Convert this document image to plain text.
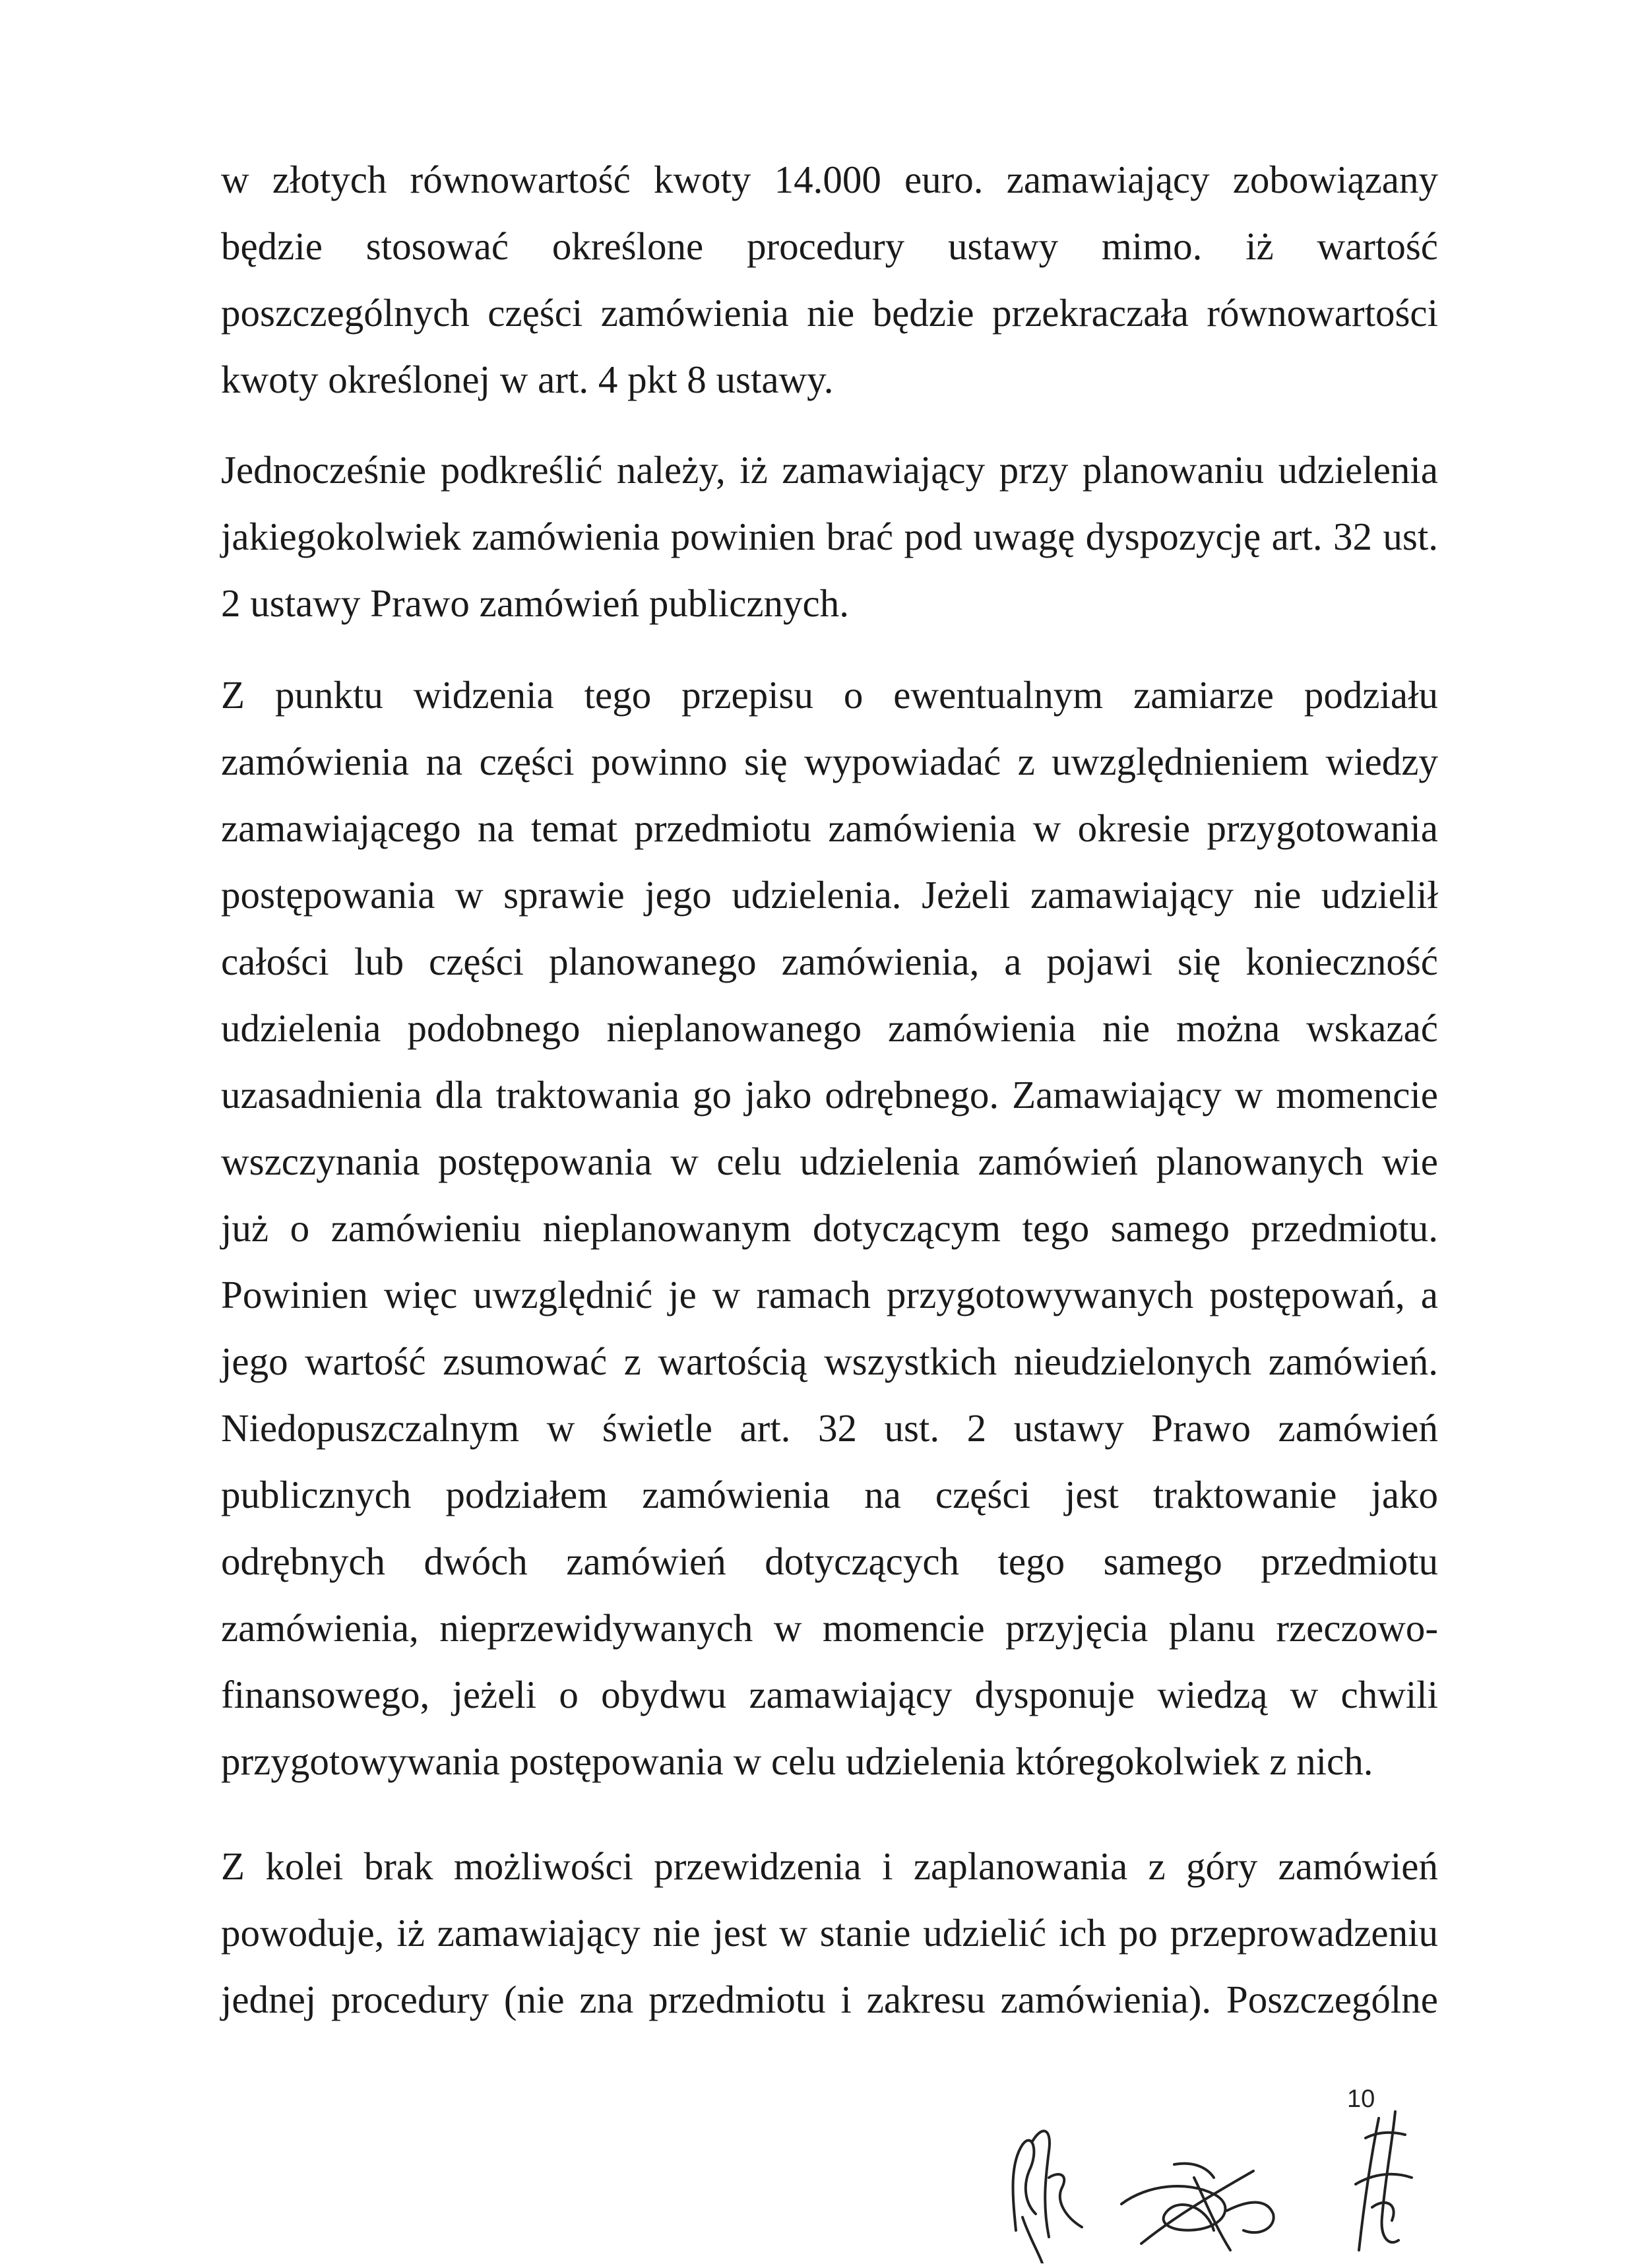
w złotych równowartość kwoty 14.000 euro. zamawiający zobowiązany
będzie stosować określone procedury ustawy mimo. iż wartość
poszczególnych części zamówienia nie będzie przekraczała równowartości
kwoty określonej w art. 4 pkt 8 ustawy.

Jednocześnie podkreślić należy, iż zamawiający przy planowaniu udzielenia
jakiegokolwiek zamówienia powinien brać pod uwagę dyspozycję art. 32 ust.
2 ustawy Prawo zamówień publicznych.

Z punktu widzenia tego przepisu o ewentualnym zamiarze podziału
zamówienia na części powinno się wypowiadać z uwzględnieniem wiedzy
zamawiającego na temat przedmiotu zamówienia w okresie przygotowania
postępowania w sprawie jego udzielenia. Jeżeli zamawiający nie udzielił
całości lub części planowanego zamówienia, a pojawi się konieczność
udzielenia podobnego nieplanowanego zamówienia nie można wskazać
uzasadnienia dla traktowania go jako odrębnego. Zamawiający w momencie
wszczynania postępowania w celu udzielenia zamówień planowanych wie
już o zamówieniu nieplanowanym dotyczącym tego samego przedmiotu.
Powinien więc uwzględnić je w ramach przygotowywanych postępowań, a
jego wartość zsumować z wartością wszystkich nieudzielonych zamówień.
Niedopuszczalnym w świetle art. 32 ust. 2 ustawy Prawo zamówień
publicznych podziałem zamówienia na części jest traktowanie jako
odrębnych dwóch zamówień dotyczących tego samego przedmiotu
zamówienia, nieprzewidywanych w momencie przyjęcia planu rzeczowo-
finansowego, jeżeli o obydwu zamawiający dysponuje wiedzą w chwili
przygotowywania postępowania w celu udzielenia któregokolwiek z nich.

Z kolei brak możliwości przewidzenia i zaplanowania z góry zamówień
powoduje, iż zamawiający nie jest w stanie udzielić ich po przeprowadzeniu
jednej procedury (nie zna przedmiotu i zakresu zamówienia). Poszczególne

10
